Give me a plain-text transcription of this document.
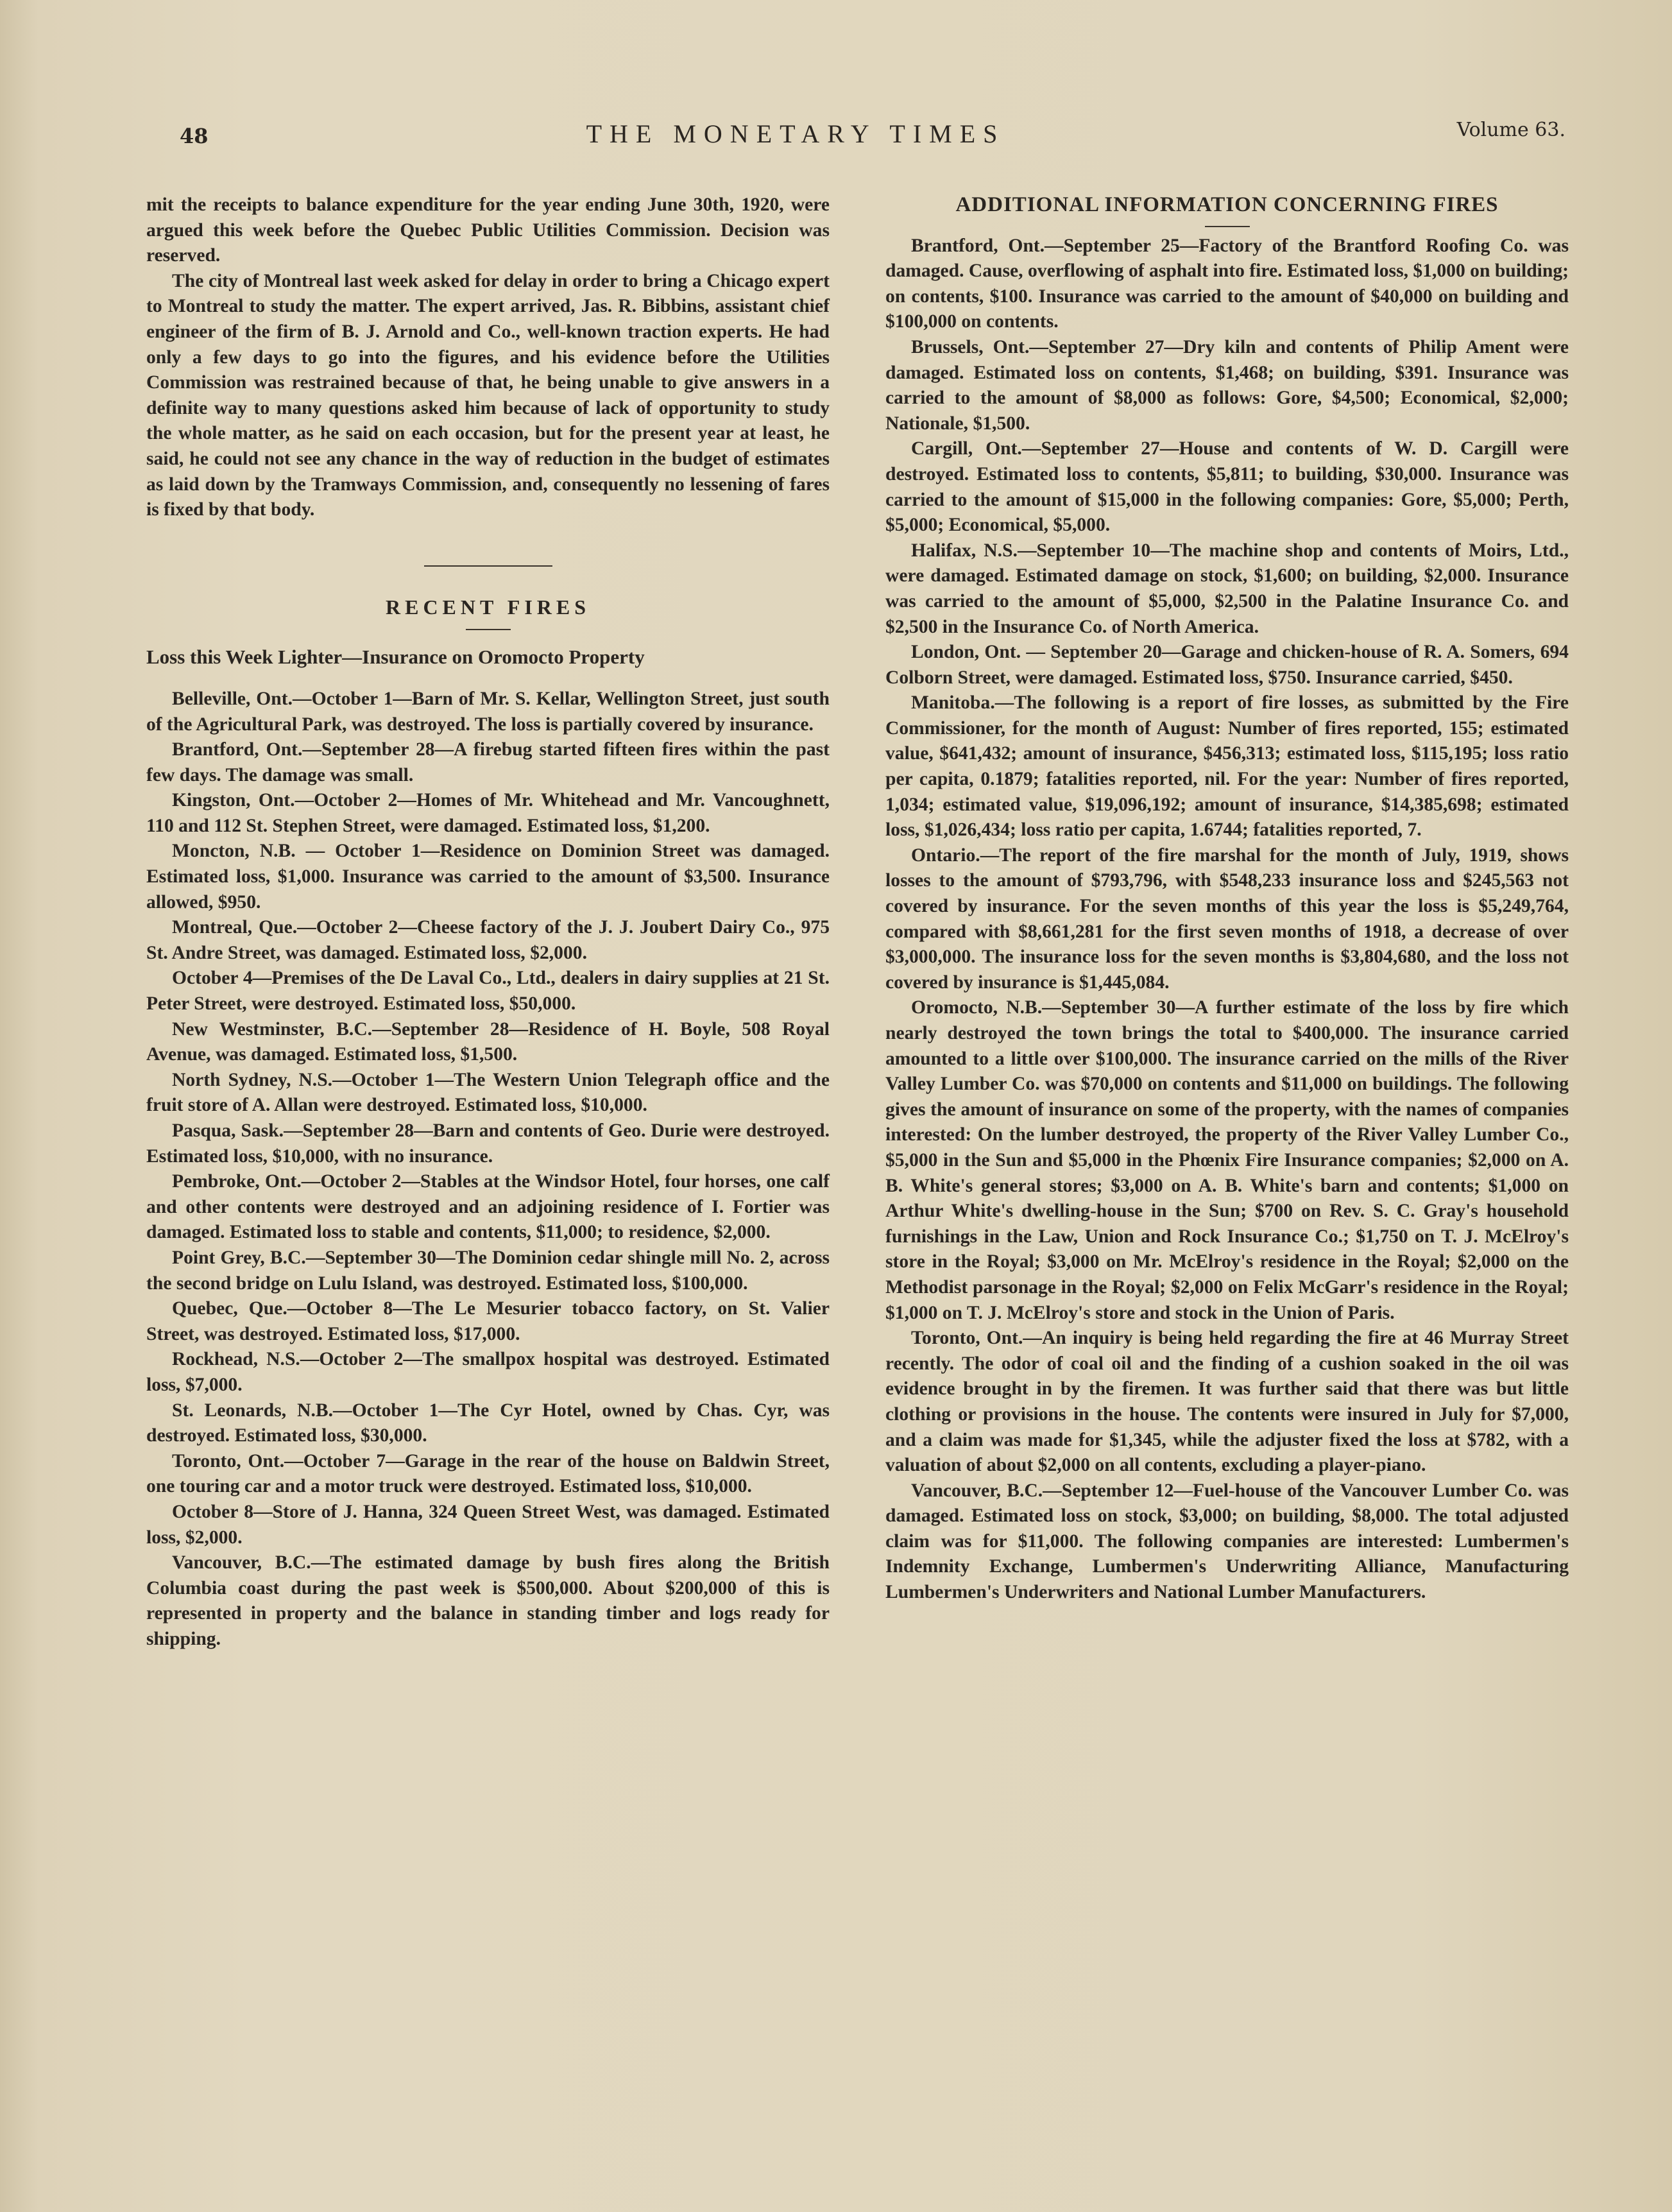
48	THE MONETARY TIMES	Volume 63.

mit the receipts to balance expenditure for the year ending June 30th, 1920, were argued this week before the Quebec Public Utilities Commission. Decision was reserved.

The city of Montreal last week asked for delay in order to bring a Chicago expert to Montreal to study the matter. The expert arrived, Jas. R. Bibbins, assistant chief engineer of the firm of B. J. Arnold and Co., well-known traction experts. He had only a few days to go into the figures, and his evidence before the Utilities Commission was restrained because of that, he being unable to give answers in a definite way to many questions asked him because of lack of opportunity to study the whole matter, as he said on each occasion, but for the present year at least, he said, he could not see any chance in the way of reduction in the budget of estimates as laid down by the Tramways Commission, and, consequently no lessening of fares is fixed by that body.

RECENT FIRES

Loss this Week Lighter—Insurance on Oromocto Property

Belleville, Ont.—October 1—Barn of Mr. S. Kellar, Wellington Street, just south of the Agricultural Park, was destroyed. The loss is partially covered by insurance.

Brantford, Ont.—September 28—A firebug started fifteen fires within the past few days. The damage was small.

Kingston, Ont.—October 2—Homes of Mr. Whitehead and Mr. Vancoughnett, 110 and 112 St. Stephen Street, were damaged. Estimated loss, $1,200.

Moncton, N.B. — October 1—Residence on Dominion Street was damaged. Estimated loss, $1,000. Insurance was carried to the amount of $3,500. Insurance allowed, $950.

Montreal, Que.—October 2—Cheese factory of the J. J. Joubert Dairy Co., 975 St. Andre Street, was damaged. Estimated loss, $2,000.

October 4—Premises of the De Laval Co., Ltd., dealers in dairy supplies at 21 St. Peter Street, were destroyed. Estimated loss, $50,000.

New Westminster, B.C.—September 28—Residence of H. Boyle, 508 Royal Avenue, was damaged. Estimated loss, $1,500.

North Sydney, N.S.—October 1—The Western Union Telegraph office and the fruit store of A. Allan were destroyed. Estimated loss, $10,000.

Pasqua, Sask.—September 28—Barn and contents of Geo. Durie were destroyed. Estimated loss, $10,000, with no insurance.

Pembroke, Ont.—October 2—Stables at the Windsor Hotel, four horses, one calf and other contents were destroyed and an adjoining residence of I. Fortier was damaged. Estimated loss to stable and contents, $11,000; to residence, $2,000.

Point Grey, B.C.—September 30—The Dominion cedar shingle mill No. 2, across the second bridge on Lulu Island, was destroyed. Estimated loss, $100,000.

Quebec, Que.—October 8—The Le Mesurier tobacco factory, on St. Valier Street, was destroyed. Estimated loss, $17,000.

Rockhead, N.S.—October 2—The smallpox hospital was destroyed. Estimated loss, $7,000.

St. Leonards, N.B.—October 1—The Cyr Hotel, owned by Chas. Cyr, was destroyed. Estimated loss, $30,000.

Toronto, Ont.—October 7—Garage in the rear of the house on Baldwin Street, one touring car and a motor truck were destroyed. Estimated loss, $10,000.

October 8—Store of J. Hanna, 324 Queen Street West, was damaged. Estimated loss, $2,000.

Vancouver, B.C.—The estimated damage by bush fires along the British Columbia coast during the past week is $500,000. About $200,000 of this is represented in property and the balance in standing timber and logs ready for shipping.

ADDITIONAL INFORMATION CONCERNING FIRES

Brantford, Ont.—September 25—Factory of the Brantford Roofing Co. was damaged. Cause, overflowing of asphalt into fire. Estimated loss, $1,000 on building; on contents, $100. Insurance was carried to the amount of $40,000 on building and $100,000 on contents.

Brussels, Ont.—September 27—Dry kiln and contents of Philip Ament were damaged. Estimated loss on contents, $1,468; on building, $391. Insurance was carried to the amount of $8,000 as follows: Gore, $4,500; Economical, $2,000; Nationale, $1,500.

Cargill, Ont.—September 27—House and contents of W. D. Cargill were destroyed. Estimated loss to contents, $5,811; to building, $30,000. Insurance was carried to the amount of $15,000 in the following companies: Gore, $5,000; Perth, $5,000; Economical, $5,000.

Halifax, N.S.—September 10—The machine shop and contents of Moirs, Ltd., were damaged. Estimated damage on stock, $1,600; on building, $2,000. Insurance was carried to the amount of $5,000, $2,500 in the Palatine Insurance Co. and $2,500 in the Insurance Co. of North America.

London, Ont. — September 20—Garage and chicken-house of R. A. Somers, 694 Colborn Street, were damaged. Estimated loss, $750. Insurance carried, $450.

Manitoba.—The following is a report of fire losses, as submitted by the Fire Commissioner, for the month of August: Number of fires reported, 155; estimated value, $641,432; amount of insurance, $456,313; estimated loss, $115,195; loss ratio per capita, 0.1879; fatalities reported, nil. For the year: Number of fires reported, 1,034; estimated value, $19,096,192; amount of insurance, $14,385,698; estimated loss, $1,026,434; loss ratio per capita, 1.6744; fatalities reported, 7.

Ontario.—The report of the fire marshal for the month of July, 1919, shows losses to the amount of $793,796, with $548,233 insurance loss and $245,563 not covered by insurance. For the seven months of this year the loss is $5,249,764, compared with $8,661,281 for the first seven months of 1918, a decrease of over $3,000,000. The insurance loss for the seven months is $3,804,680, and the loss not covered by insurance is $1,445,084.

Oromocto, N.B.—September 30—A further estimate of the loss by fire which nearly destroyed the town brings the total to $400,000. The insurance carried amounted to a little over $100,000. The insurance carried on the mills of the River Valley Lumber Co. was $70,000 on contents and $11,000 on buildings. The following gives the amount of insurance on some of the property, with the names of companies interested: On the lumber destroyed, the property of the River Valley Lumber Co., $5,000 in the Sun and $5,000 in the Phœnix Fire Insurance companies; $2,000 on A. B. White's general stores; $3,000 on A. B. White's barn and contents; $1,000 on Arthur White's dwelling-house in the Sun; $700 on Rev. S. C. Gray's household furnishings in the Law, Union and Rock Insurance Co.; $1,750 on T. J. McElroy's store in the Royal; $3,000 on Mr. McElroy's residence in the Royal; $2,000 on the Methodist parsonage in the Royal; $2,000 on Felix McGarr's residence in the Royal; $1,000 on T. J. McElroy's store and stock in the Union of Paris.

Toronto, Ont.—An inquiry is being held regarding the fire at 46 Murray Street recently. The odor of coal oil and the finding of a cushion soaked in the oil was evidence brought in by the firemen. It was further said that there was but little clothing or provisions in the house. The contents were insured in July for $7,000, and a claim was made for $1,345, while the adjuster fixed the loss at $782, with a valuation of about $2,000 on all contents, excluding a player-piano.

Vancouver, B.C.—September 12—Fuel-house of the Vancouver Lumber Co. was damaged. Estimated loss on stock, $3,000; on building, $8,000. The total adjusted claim was for $11,000. The following companies are interested: Lumbermen's Indemnity Exchange, Lumbermen's Underwriting Alliance, Manufacturing Lumbermen's Underwriters and National Lumber Manufacturers.
